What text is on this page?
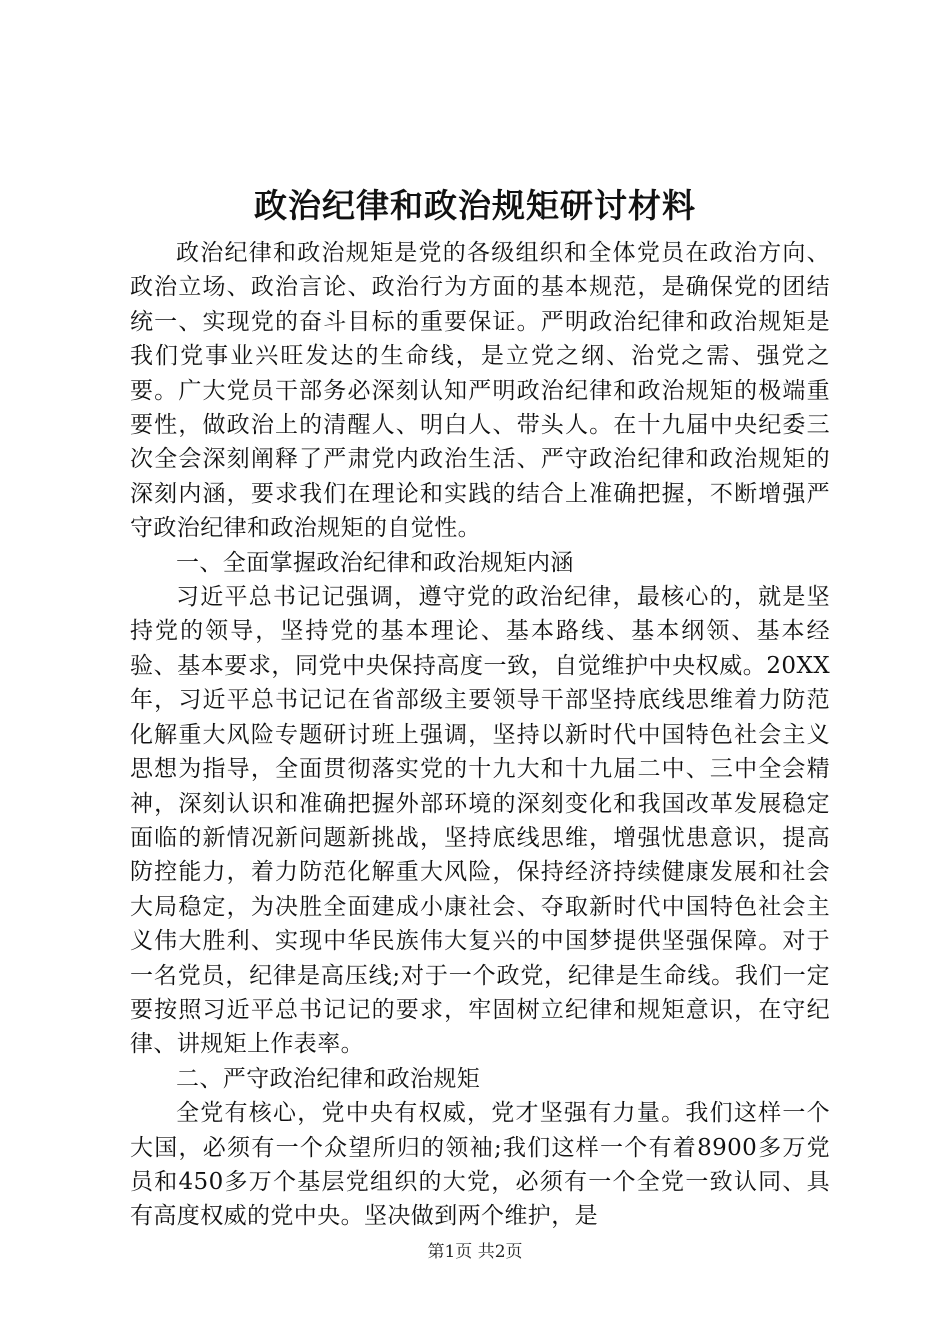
政治纪律和政治规矩研讨材料

政治纪律和政治规矩是党的各级组织和全体党员在政治方向、政治立场、政治言论、政治行为方面的基本规范，是确保党的团结统一、实现党的奋斗目标的重要保证。严明政治纪律和政治规矩是我们党事业兴旺发达的生命线，是立党之纲、治党之需、强党之要。广大党员干部务必深刻认知严明政治纪律和政治规矩的极端重要性，做政治上的清醒人、明白人、带头人。在十九届中央纪委三次全会深刻阐释了严肃党内政治生活、严守政治纪律和政治规矩的深刻内涵，要求我们在理论和实践的结合上准确把握，不断增强严守政治纪律和政治规矩的自觉性。

一、全面掌握政治纪律和政治规矩内涵

习近平总书记记强调，遵守党的政治纪律，最核心的，就是坚持党的领导，坚持党的基本理论、基本路线、基本纲领、基本经验、基本要求，同党中央保持高度一致，自觉维护中央权威。20XX年，习近平总书记记在省部级主要领导干部坚持底线思维着力防范化解重大风险专题研讨班上强调，坚持以新时代中国特色社会主义思想为指导，全面贯彻落实党的十九大和十九届二中、三中全会精神，深刻认识和准确把握外部环境的深刻变化和我国改革发展稳定面临的新情况新问题新挑战，坚持底线思维，增强忧患意识，提高防控能力，着力防范化解重大风险，保持经济持续健康发展和社会大局稳定，为决胜全面建成小康社会、夺取新时代中国特色社会主义伟大胜利、实现中华民族伟大复兴的中国梦提供坚强保障。对于一名党员，纪律是高压线;对于一个政党，纪律是生命线。我们一定要按照习近平总书记记的要求，牢固树立纪律和规矩意识，在守纪律、讲规矩上作表率。

二、严守政治纪律和政治规矩

全党有核心，党中央有权威，党才坚强有力量。我们这样一个大国，必须有一个众望所归的领袖;我们这样一个有着8900多万党员和450多万个基层党组织的大党，必须有一个全党一致认同、具有高度权威的党中央。坚决做到两个维护，是

第1页 共2页
